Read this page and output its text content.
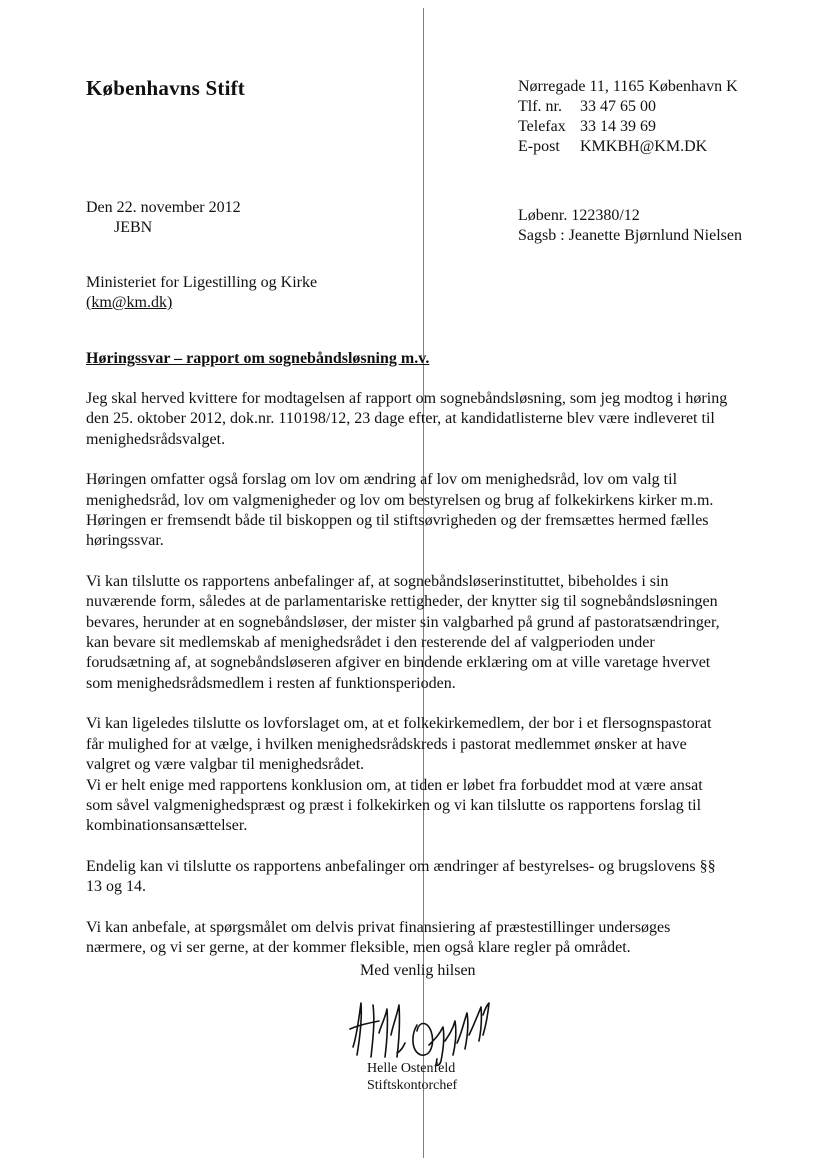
Københavns Stift	Nørregade 11, 1165 København K
Tlf. nr. 33 47 65 00
Telefax 33 14 39 69
E-post KMKBH@KM.DK
Den 22. november 2012
JEBN
Løbenr. 122380/12
Sagsb : Jeanette Bjørnlund Nielsen
Ministeriet for Ligestilling og Kirke
(km@km.dk)
Høringssvar – rapport om sognebåndsløsning m.v.

Jeg skal herved kvittere for modtagelsen af rapport om sognebåndsløsning, som jeg modtog i høring
den 25. oktober 2012, dok.nr. 110198/12, 23 dage efter, at kandidatlisterne blev være indleveret til
menighedsrådsvalget.

Høringen omfatter også forslag om lov om ændring af lov om menighedsråd, lov om valg til
menighedsråd, lov om valgmenigheder og lov om bestyrelsen og brug af folkekirkens kirker m.m.
Høringen er fremsendt både til biskoppen og til stiftsøvrigheden og der fremsættes hermed fælles
høringssvar.

Vi kan tilslutte os rapportens anbefalinger af, at sognebåndsløserinstituttet, bibeholdes i sin
nuværende form, således at de parlamentariske rettigheder, der knytter sig til sognebåndsløsningen
bevares, herunder at en sognebåndsløser, der mister sin valgbarhed på grund af pastoratsændringer,
kan bevare sit medlemskab af menighedsrådet i den resterende del af valgperioden under
forudsætning af, at sognebåndsløseren afgiver en bindende erklæring om at ville varetage hvervet
som menighedsrådsmedlem i resten af funktionsperioden.

Vi kan ligeledes tilslutte os lovforslaget om, at et folkekirkemedlem, der bor i et flersognspastorat
får mulighed for at vælge, i hvilken menighedsrådskreds i pastorat medlemmet ønsker at have
valgret og være valgbar til menighedsrådet.

Vi er helt enige med rapportens konklusion om, at tiden er løbet fra forbuddet mod at være ansat
som såvel valgmenighedspræst og præst i folkekirken og vi kan tilslutte os rapportens forslag til
kombinationsansættelser.

Endelig kan vi tilslutte os rapportens anbefalinger om ændringer af bestyrelses- og brugslovens §§
13 og 14.

Vi kan anbefale, at spørgsmålet om delvis privat finansiering af præstestillinger undersøges
nærmere, og vi ser gerne, at der kommer fleksible, men også klare regler på området.

Med venlig hilsen
Helle Ostenfeld
Stiftskontorchef
